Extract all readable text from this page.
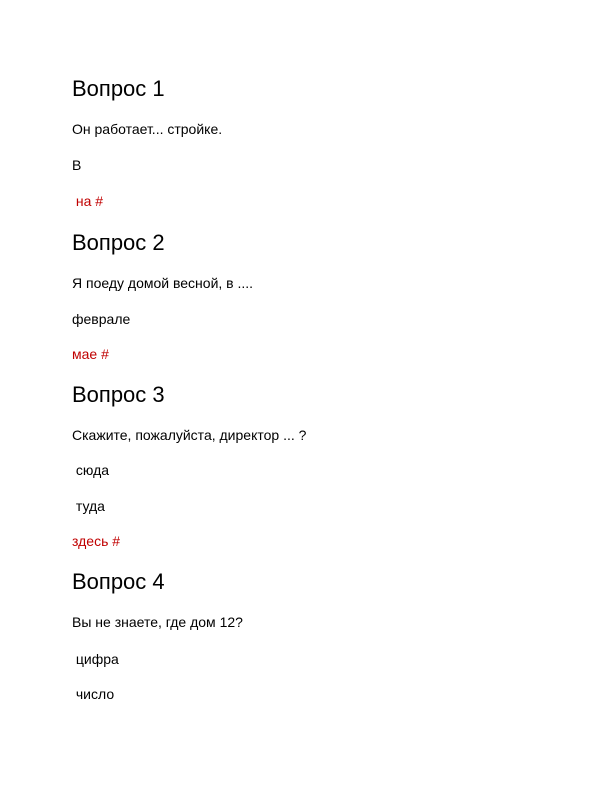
Вопрос 1
Он работает... стройке.
В
на #
Вопрос 2
Я поеду домой весной, в ....
феврале
мае #
Вопрос 3
Скажите, пожалуйста, директор ... ?
сюда
туда
здесь #
Вопрос 4
Вы не знаете, где дом 12?
цифра
число
